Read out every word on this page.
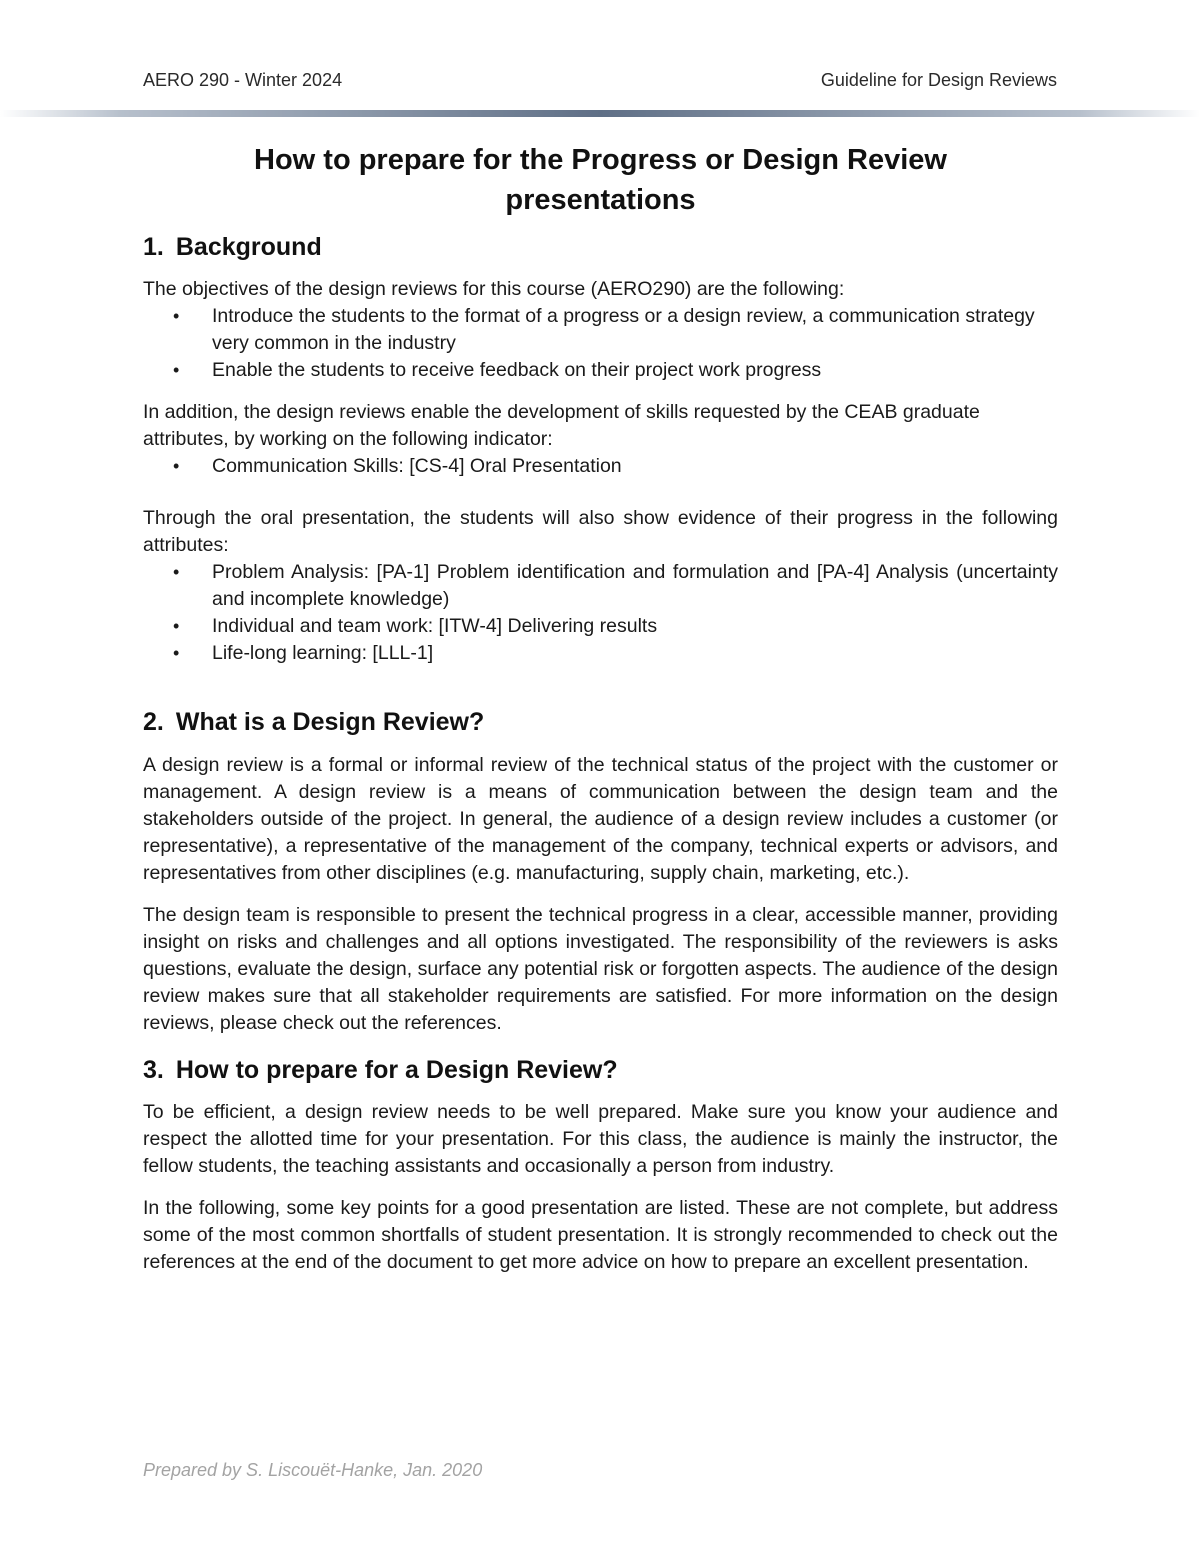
AERO 290 - Winter 2024	Guideline for Design Reviews
How to prepare for the Progress or Design Review
presentations
1. Background

The objectives of the design reviews for this course (AERO290) are the following:

• Introduce the students to the format of a progress or a design review, a communication strategy very common in the industry
• Enable the students to receive feedback on their project work progress

In addition, the design reviews enable the development of skills requested by the CEAB graduate attributes, by working on the following indicator:

• Communication Skills: [CS-4] Oral Presentation

Through the oral presentation, the students will also show evidence of their progress in the following attributes:

• Problem Analysis: [PA-1] Problem identification and formulation and [PA-4] Analysis (uncertainty and incomplete knowledge)
• Individual and team work: [ITW-4] Delivering results
• Life-long learning: [LLL-1]
2. What is a Design Review?

A design review is a formal or informal review of the technical status of the project with the customer or management. A design review is a means of communication between the design team and the stakeholders outside of the project. In general, the audience of a design review includes a customer (or representative), a representative of the management of the company, technical experts or advisors, and representatives from other disciplines (e.g. manufacturing, supply chain, marketing, etc.).

The design team is responsible to present the technical progress in a clear, accessible manner, providing insight on risks and challenges and all options investigated. The responsibility of the reviewers is asks questions, evaluate the design, surface any potential risk or forgotten aspects. The audience of the design review makes sure that all stakeholder requirements are satisfied. For more information on the design reviews, please check out the references.

3. How to prepare for a Design Review?

To be efficient, a design review needs to be well prepared. Make sure you know your audience and respect the allotted time for your presentation. For this class, the audience is mainly the instructor, the fellow students, the teaching assistants and occasionally a person from industry.

In the following, some key points for a good presentation are listed. These are not complete, but address some of the most common shortfalls of student presentation. It is strongly recommended to check out the references at the end of the document to get more advice on how to prepare an excellent presentation.

Prepared by S. Liscouët-Hanke, Jan. 2020
